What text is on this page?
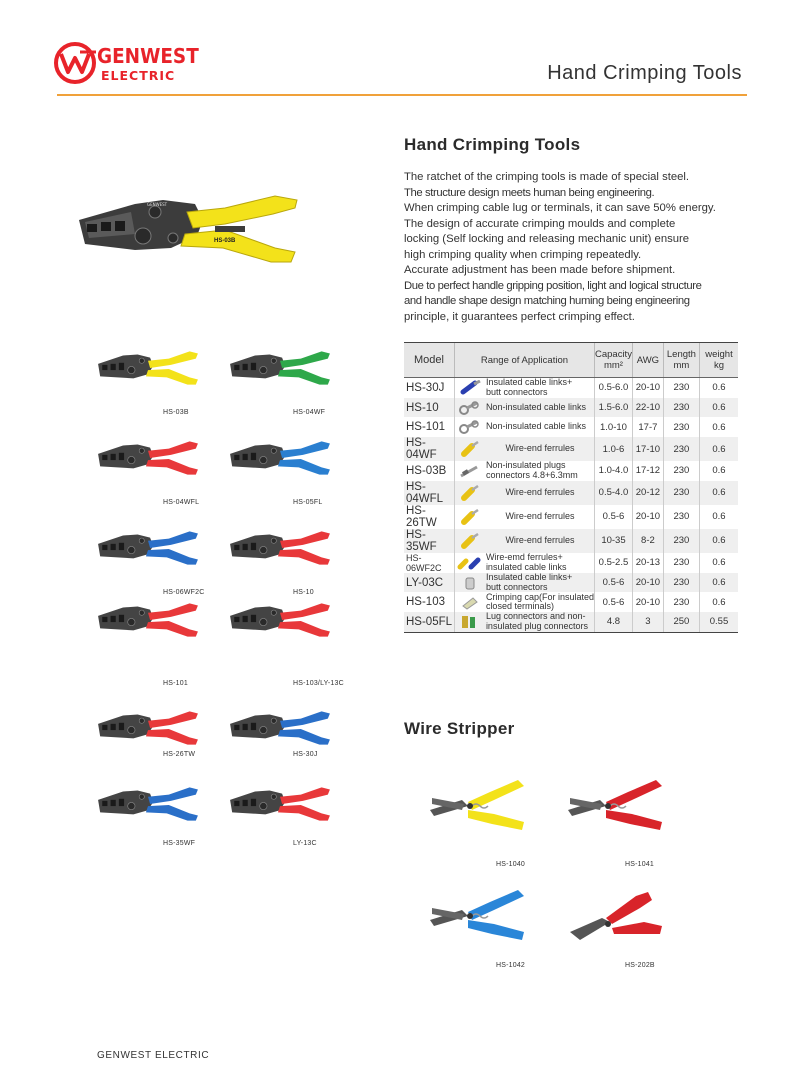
GENWEST
ELECTRIC	Hand Crimping Tools
GENWEST
HS-03B
Hand Crimping Tools
The ratchet of the crimping tools is made of special steel.
The structure design meets human being engineering.
When crimping cable lug or terminals, it can save 50% energy.
The design of accurate crimping moulds and complete
locking (Self locking and releasing mechanic unit) ensure
high crimping quality when crimping repeatedly.
Accurate adjustment has been made before shipment.
Due to perfect handle gripping position, light and logical structure
and handle shape design matching huming being engineering
principle, it guarantees perfect crimping effect.
Model	Range of Application	Capacity
mm²	AWG	Length
mm	weight
kg
HS-30J	Insulated cable links+
butt connectors	0.5-6.0	20-10	230	0.6
HS-10	Non-insulated cable links	1.5-6.0	22-10	230	0.6
HS-101	Non-insulated cable links	1.0-10	17-7	230	0.6
HS-04WF	Wire-end ferrules	1.0-6	17-10	230	0.6
HS-03B	Non-insulated plugs
connectors 4.8+6.3mm	1.0-4.0	17-12	230	0.6
HS-04WFL	Wire-end ferrules	0.5-4.0	20-12	230	0.6
HS-26TW	Wire-end ferrules	0.5-6	20-10	230	0.6
HS-35WF	Wire-end ferrules	10-35	8-2	230	0.6
HS-06WF2C	Wire-emd ferrules+
insulated cable links	0.5-2.5	20-13	230	0.6
LY-03C	Insulated cable links+
butt connectors	0.5-6	20-10	230	0.6
HS-103	Crimping cap(For insulated
closed terminals)	0.5-6	20-10	230	0.6
HS-05FL	Lug connectors and non-
insulated plug connectors	4.8	3	250	0.55
HS-03B	HS-04WF
HS-04WFL	HS-05FL
HS-06WF2C	HS-10
HS-101	HS-103/LY-13C
HS-26TW	HS-30J
HS-35WF	LY-13C
Wire Stripper
HS-1040	HS-1041
HS-1042	HS-202B
GENWEST ELECTRIC
